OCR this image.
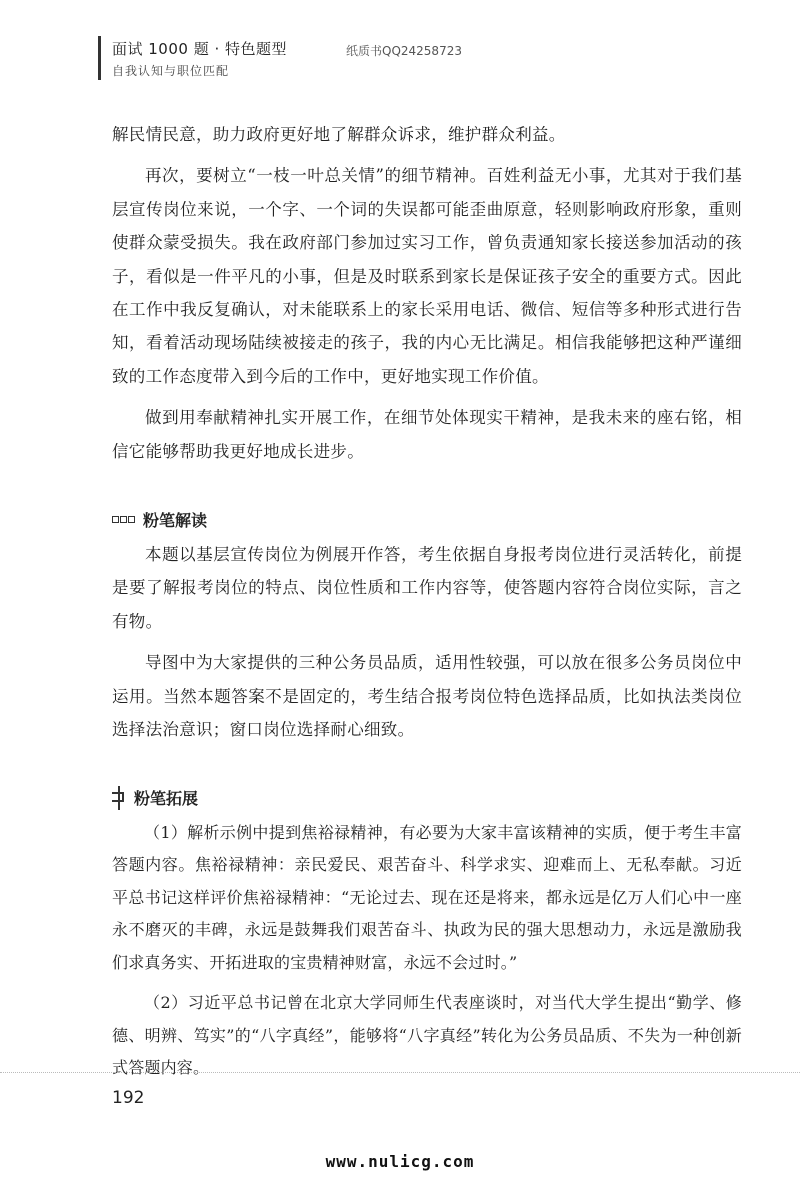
面试 1000 题 · 特色题型
自我认知与职位匹配
纸质书QQ24258723

解民情民意，助力政府更好地了解群众诉求，维护群众利益。

再次，要树立“一枝一叶总关情”的细节精神。百姓利益无小事，尤其对于我们基层宣传岗位来说，一个字、一个词的失误都可能歪曲原意，轻则影响政府形象，重则使群众蒙受损失。我在政府部门参加过实习工作，曾负责通知家长接送参加活动的孩子，看似是一件平凡的小事，但是及时联系到家长是保证孩子安全的重要方式。因此在工作中我反复确认，对未能联系上的家长采用电话、微信、短信等多种形式进行告知，看着活动现场陆续被接走的孩子，我的内心无比满足。相信我能够把这种严谨细致的工作态度带入到今后的工作中，更好地实现工作价值。

做到用奉献精神扎实开展工作，在细节处体现实干精神，是我未来的座右铭，相信它能够帮助我更好地成长进步。

粉笔解读

本题以基层宣传岗位为例展开作答，考生依据自身报考岗位进行灵活转化，前提是要了解报考岗位的特点、岗位性质和工作内容等，使答题内容符合岗位实际，言之有物。

导图中为大家提供的三种公务员品质，适用性较强，可以放在很多公务员岗位中运用。当然本题答案不是固定的，考生结合报考岗位特色选择品质，比如执法类岗位选择法治意识；窗口岗位选择耐心细致。

粉笔拓展

（1）解析示例中提到焦裕禄精神，有必要为大家丰富该精神的实质，便于考生丰富答题内容。焦裕禄精神：亲民爱民、艰苦奋斗、科学求实、迎难而上、无私奉献。习近平总书记这样评价焦裕禄精神：“无论过去、现在还是将来，都永远是亿万人们心中一座永不磨灭的丰碑，永远是鼓舞我们艰苦奋斗、执政为民的强大思想动力，永远是激励我们求真务实、开拓进取的宝贵精神财富，永远不会过时。”

（2）习近平总书记曾在北京大学同师生代表座谈时，对当代大学生提出“勤学、修德、明辨、笃实”的“八字真经”，能够将“八字真经”转化为公务员品质、不失为一种创新式答题内容。

192
www.nulicg.com
